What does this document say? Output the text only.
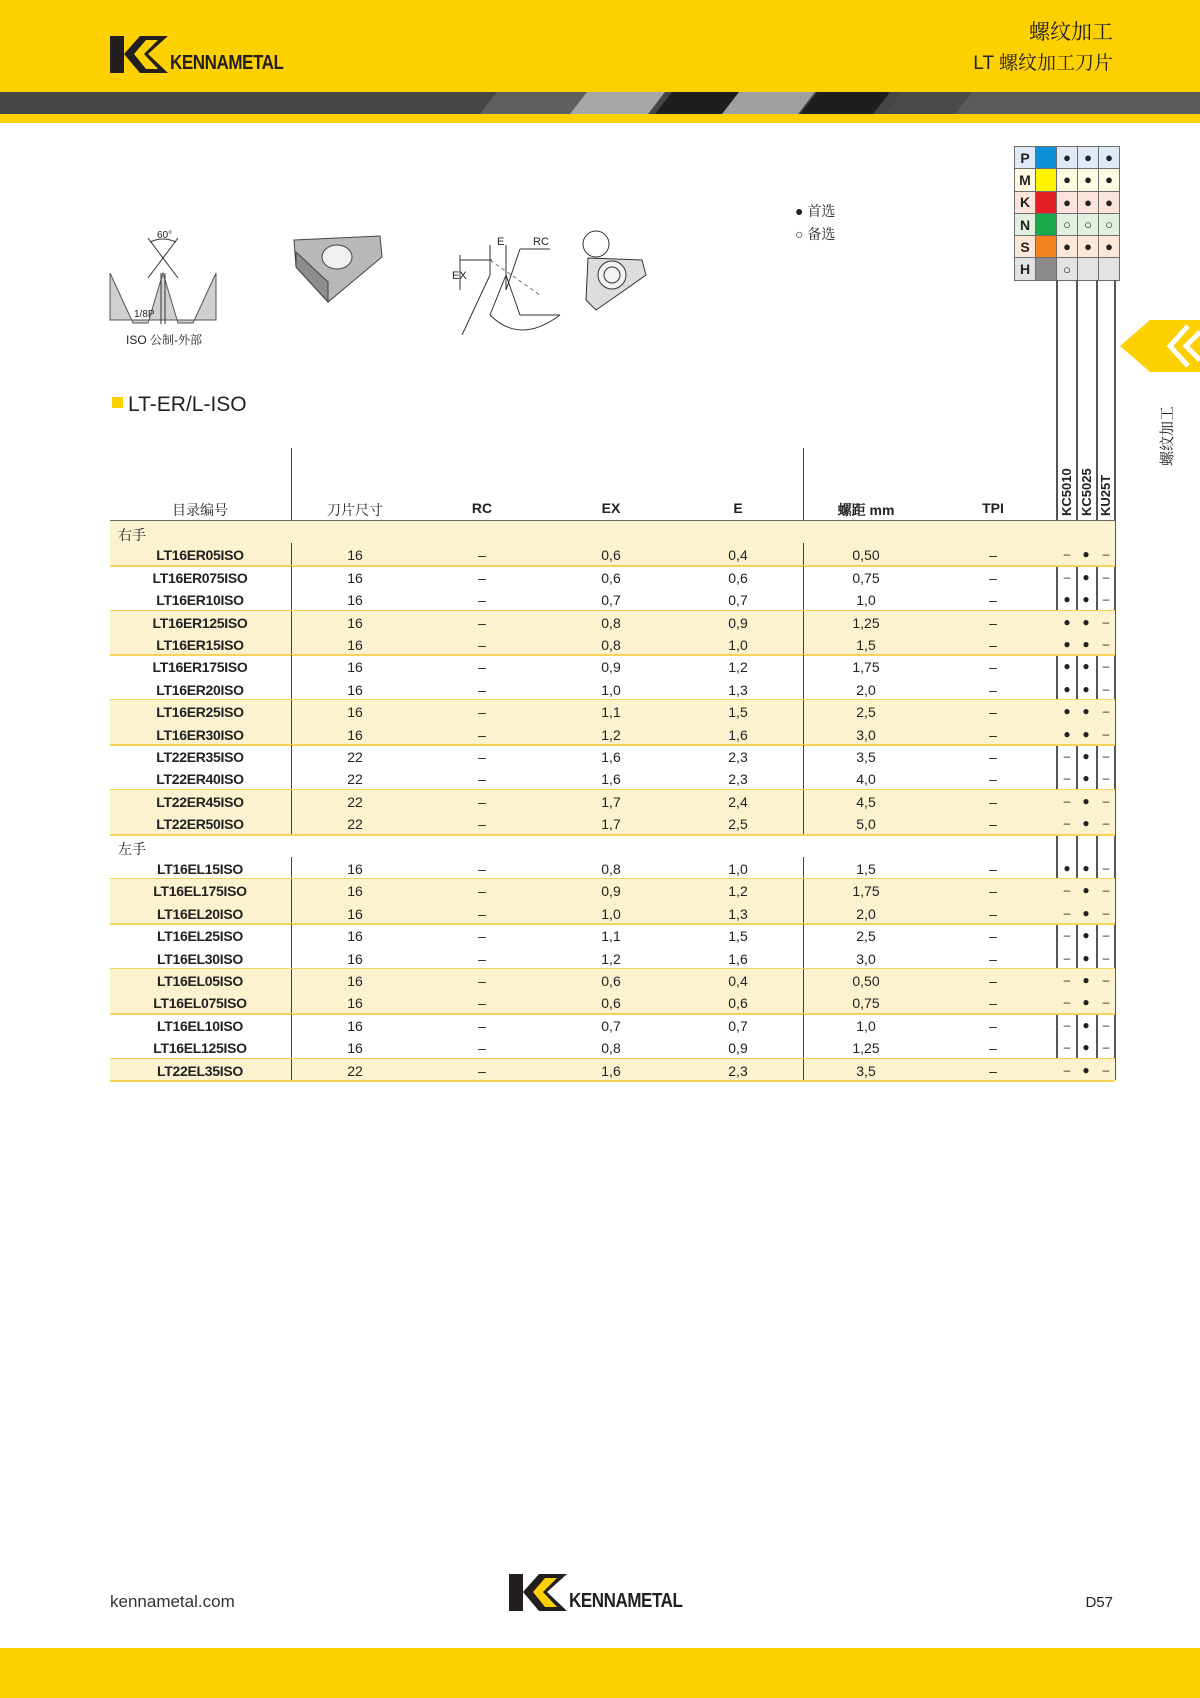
KENNAMETAL
螺纹加工
LT 螺纹加工刀片
P		●	●	●
M		●	●	●
K		●	●	●
N		○	○	○
S		●	●	●
H		○		
● 首选
○ 备选
60°
1/8P
ISO 公制-外部
E	RC
EX
螺纹加工
LT-ER/L-ISO
目录编号	刀片尺寸	RC	EX	E	螺距 mm	TPI	KC5010 KC5025 KU25T
右手
LT16ER05ISO	16	–	0,6	0,4	0,50	–	– ● –
LT16ER075ISO	16	–	0,6	0,6	0,75	–	– ● –
LT16ER10ISO	16	–	0,7	0,7	1,0	–	● ● –
LT16ER125ISO	16	–	0,8	0,9	1,25	–	● ● –
LT16ER15ISO	16	–	0,8	1,0	1,5	–	● ● –
LT16ER175ISO	16	–	0,9	1,2	1,75	–	● ● –
LT16ER20ISO	16	–	1,0	1,3	2,0	–	● ● –
LT16ER25ISO	16	–	1,1	1,5	2,5	–	● ● –
LT16ER30ISO	16	–	1,2	1,6	3,0	–	● ● –
LT22ER35ISO	22	–	1,6	2,3	3,5	–	– ● –
LT22ER40ISO	22	–	1,6	2,3	4,0	–	– ● –
LT22ER45ISO	22	–	1,7	2,4	4,5	–	– ● –
LT22ER50ISO	22	–	1,7	2,5	5,0	–	– ● –
左手
LT16EL15ISO	16	–	0,8	1,0	1,5	–	● ● –
LT16EL175ISO	16	–	0,9	1,2	1,75	–	– ● –
LT16EL20ISO	16	–	1,0	1,3	2,0	–	– ● –
LT16EL25ISO	16	–	1,1	1,5	2,5	–	– ● –
LT16EL30ISO	16	–	1,2	1,6	3,0	–	– ● –
LT16EL05ISO	16	–	0,6	0,4	0,50	–	– ● –
LT16EL075ISO	16	–	0,6	0,6	0,75	–	– ● –
LT16EL10ISO	16	–	0,7	0,7	1,0	–	– ● –
LT16EL125ISO	16	–	0,8	0,9	1,25	–	– ● –
LT22EL35ISO	22	–	1,6	2,3	3,5	–	– ● –
kennametal.com	KENNAMETAL	D57
